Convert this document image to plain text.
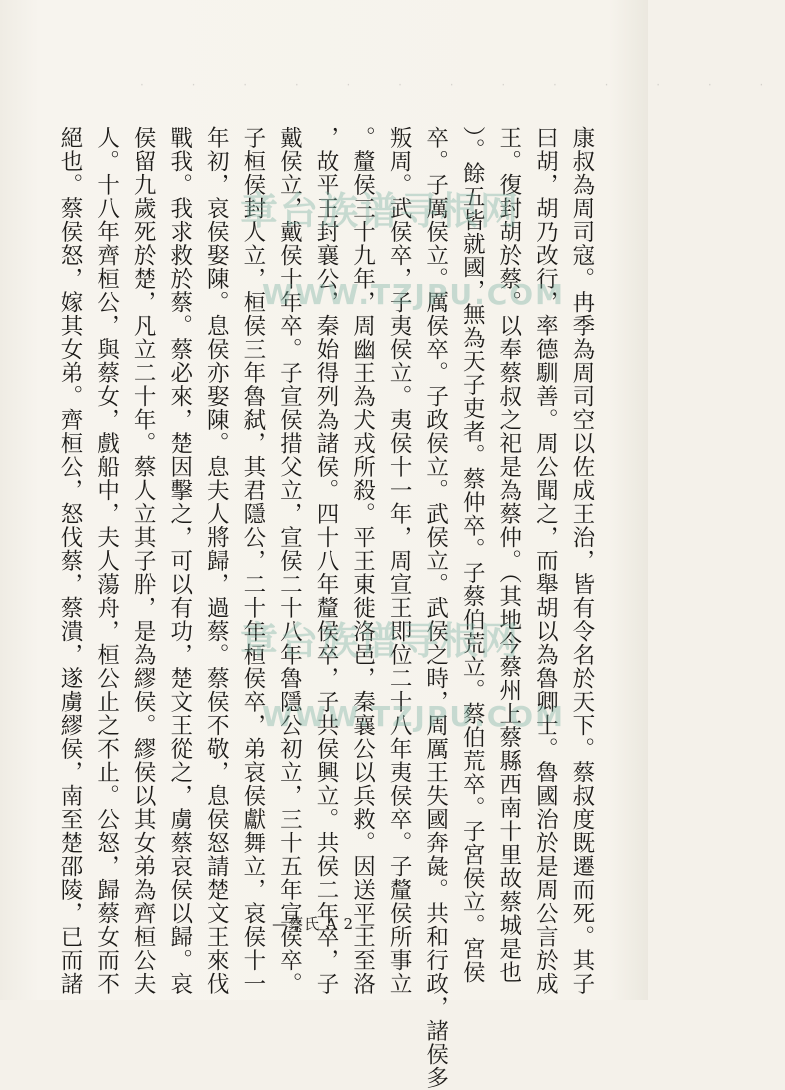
‧ ‧ ‧ ‧ ‧ ‧ ‧ ‧ ‧ ‧ ‧ ‧ ‧
康叔為周司寇。冉季為周司空以佐成王治，皆有令名於天下。蔡叔度既遷而死。其子
曰胡，胡乃改行，率德馴善。周公聞之，而舉胡以為魯卿士。魯國治於是周公言於成
王。復封胡於蔡。以奉蔡叔之祀是為蔡仲。（其地今蔡州上蔡縣西南十里故蔡城是也
）。餘五皆就國，無為天子吏者。蔡仲卒。子蔡伯荒立。蔡伯荒卒。子宮侯立。宮侯
卒。子厲侯立。厲侯卒。子政侯立。武侯立。武侯之時，周厲王失國奔彘。共和行政，諸侯多
叛周。武侯卒，子夷侯立。夷侯十一年，周宣王即位二十八年夷侯卒。子釐侯所事立
。釐侯三十九年，周幽王為犬戎所殺。平王東徙洛邑，秦襄公以兵救。因送平王至洛
，故平王封襄公，秦始得列為諸侯。四十八年釐侯卒，子共侯興立。共侯二年卒，子
戴侯立，戴侯十年卒。子宣侯措父立，宣侯二十八年魯隱公初立，三十五年宣侯卒。
子桓侯封人立，桓侯三年魯弑，其君隱公，二十年桓侯卒，弟哀侯獻舞立，哀侯十一
年初，哀侯娶陳。息侯亦娶陳。息夫人將歸，過蔡。蔡侯不敬，息侯怒請楚文王來伐
戰我。我求救於蔡。蔡必來，楚因擊之，可以有功，楚文王從之，虜蔡哀侯以歸。哀
侯留九歲死於楚，凡立二十年。蔡人立其子肸，是為繆侯。繆侯以其女弟為齊桓公夫
人。十八年齊桓公，與蔡女，戲船中，夫人蕩舟，桓公止之不止。公怒，歸蔡女而不
絕也。蔡侯怒，嫁其女弟。齊桓公，怒伐蔡，蔡潰，遂虜繆侯，南至楚邵陵，已而諸	章台族谱寻根网
WWW.TZJPU.COM
章台族谱寻根网
WWW.TZJPU.COM
—蔡氏 A 2 —
